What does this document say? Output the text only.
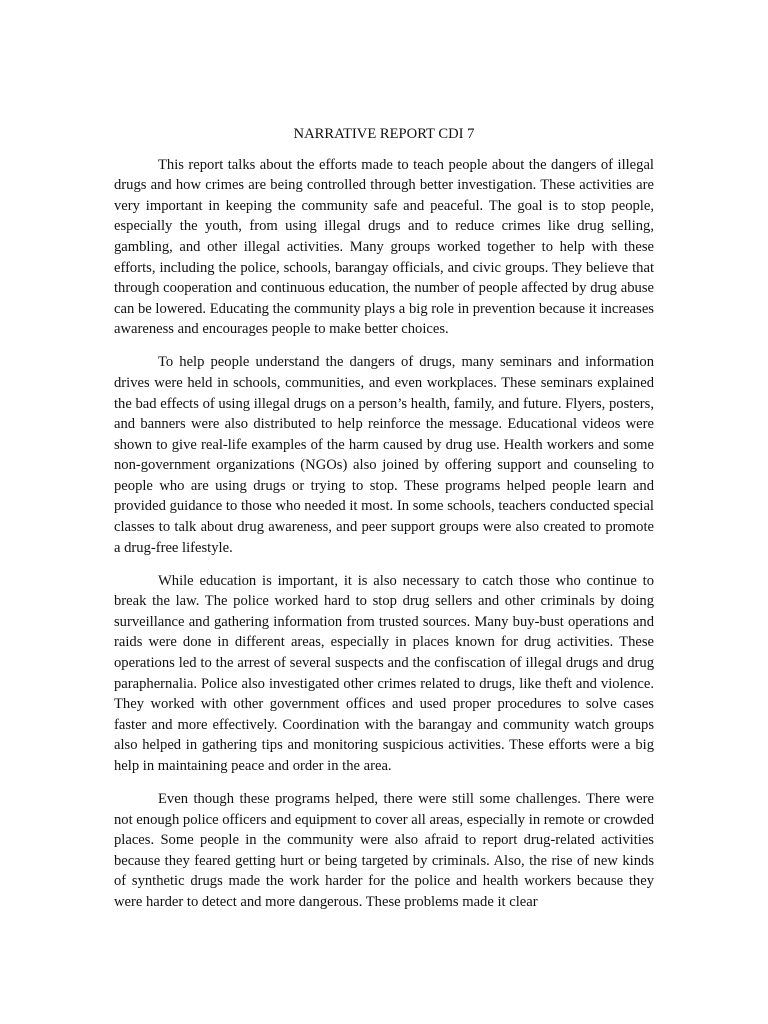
NARRATIVE REPORT CDI 7

This report talks about the efforts made to teach people about the dangers of illegal drugs and how crimes are being controlled through better investigation. These activities are very important in keeping the community safe and peaceful. The goal is to stop people, especially the youth, from using illegal drugs and to reduce crimes like drug selling, gambling, and other illegal activities. Many groups worked together to help with these efforts, including the police, schools, barangay officials, and civic groups. They believe that through cooperation and continuous education, the number of people affected by drug abuse can be lowered. Educating the community plays a big role in prevention because it increases awareness and encourages people to make better choices.

To help people understand the dangers of drugs, many seminars and information drives were held in schools, communities, and even workplaces. These seminars explained the bad effects of using illegal drugs on a person’s health, family, and future. Flyers, posters, and banners were also distributed to help reinforce the message. Educational videos were shown to give real-life examples of the harm caused by drug use. Health workers and some non-government organizations (NGOs) also joined by offering support and counseling to people who are using drugs or trying to stop. These programs helped people learn and provided guidance to those who needed it most. In some schools, teachers conducted special classes to talk about drug awareness, and peer support groups were also created to promote a drug-free lifestyle.

While education is important, it is also necessary to catch those who continue to break the law. The police worked hard to stop drug sellers and other criminals by doing surveillance and gathering information from trusted sources. Many buy-bust operations and raids were done in different areas, especially in places known for drug activities. These operations led to the arrest of several suspects and the confiscation of illegal drugs and drug paraphernalia. Police also investigated other crimes related to drugs, like theft and violence. They worked with other government offices and used proper procedures to solve cases faster and more effectively. Coordination with the barangay and community watch groups also helped in gathering tips and monitoring suspicious activities. These efforts were a big help in maintaining peace and order in the area.

Even though these programs helped, there were still some challenges. There were not enough police officers and equipment to cover all areas, especially in remote or crowded places. Some people in the community were also afraid to report drug-related activities because they feared getting hurt or being targeted by criminals. Also, the rise of new kinds of synthetic drugs made the work harder for the police and health workers because they were harder to detect and more dangerous. These problems made it clear
